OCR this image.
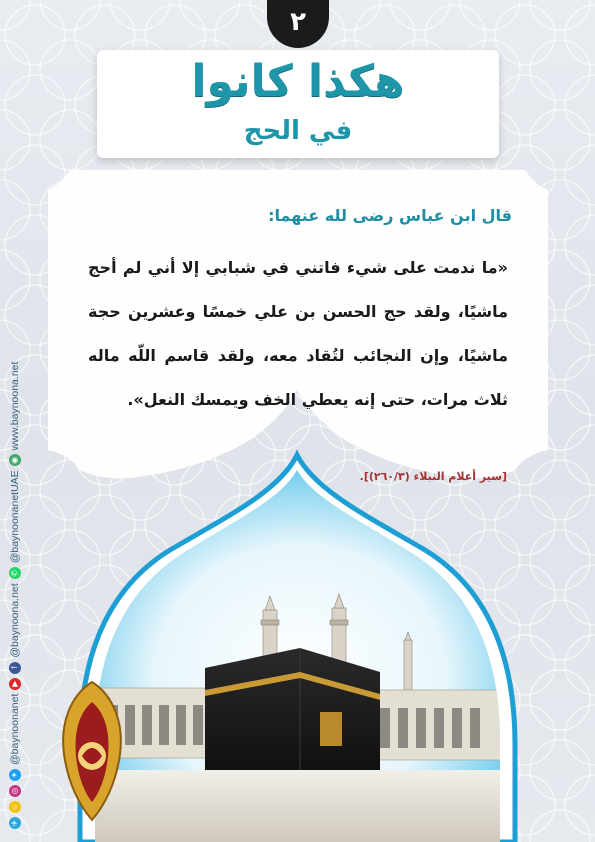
٢
هكذا كانوا
في الحج
قال ابن عباس رضى لله عنهما:
«ما ندمت على شيء فاتني في شبابي إلا أني لم أحج ماشيًا، ولقد حج الحسن بن علي خمسًا وعشرين حجة ماشيًا، وإن النجائب لتُقاد معه، ولقد قاسم اللّه ماله ثلاث مرات، حتى إنه يعطي الخف ويمسك النعل».
[سير أعلام النبلاء (٢٦٠/٣)].
✈
☺
◎
✦
@baynoonanet
▶
f
@baynoona.net
✆
@baynoonanetUAE
◉
www.baynoona.net
